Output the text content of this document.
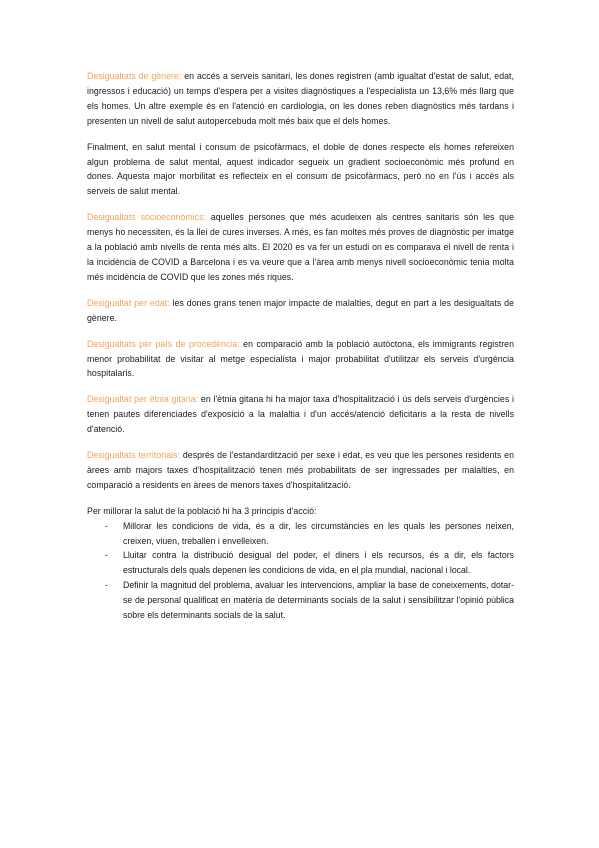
Desigualtats de gènere: en accés a serveis sanitari, les dones registren (amb igualtat d'estat de salut, edat, ingressos i educació) un temps d'espera per a visites diagnòstiques a l'especialista un 13,6% més llarg que els homes. Un altre exemple és en l'atenció en cardiologia, on les dones reben diagnòstics més tardans i presenten un nivell de salut autopercebuda molt més baix que el dels homes.

Finalment, en salut mental i consum de psicofàrmacs, el doble de dones respecte els homes refereixen algun problema de salut mental, aquest indicador segueix un gradient socioeconòmic més profund en dones. Aquesta major morbilitat es reflecteix en el consum de psicofàrmacs, però no en l'ús i accés als serveis de salut mental.

Desigualtats socioeconòmics: aquelles persones que més acudeixen als centres sanitaris són les que menys ho necessiten, és la llei de cures inverses. A més, es fan moltes més proves de diagnòstic per imatge a la població amb nivells de renta més alts. El 2020 es va fer un estudi on es comparava el nivell de renta i la incidència de COVID a Barcelona i es va veure que a l'àrea amb menys nivell socioeconòmic tenia molta més incidència de COVID que les zones més riques.

Desigualtat per edat: les dones grans tenen major impacte de malalties, degut en part a les desigualtats de gènere.

Desigualtats per país de procedència: en comparació amb la població autòctona, els immigrants registren menor probabilitat de visitar al metge especialista i major probabilitat d'utilitzar els serveis d'urgència hospitalaris.

Desigualtat per ètnia gitana: en l'ètnia gitana hi ha major taxa d'hospitalització i ús dels serveis d'urgències i tenen pautes diferenciades d'exposició a la malaltia i d'un accés/atenció deficitaris a la resta de nivells d'atenció.

Desigualtats territorials: després de l'estandardització per sexe i edat, es veu que les persones residents en àrees amb majors taxes d'hospitalització tenen més probabilitats de ser ingressades per malalties, en comparació a residents en àrees de menors taxes d'hospitalització.

Per millorar la salut de la població hi ha 3 principis d'acció:

-	Millorar les condicions de vida, és a dir, les circumstàncies en les quals les persones neixen, creixen, viuen, treballen i envelleixen.
-	Lluitar contra la distribució desigual del poder, el diners i els recursos, és a dir, els factors estructurals dels quals depenen les condicions de vida, en el pla mundial, nacional i local.
-	Definir la magnitud del problema, avaluar les intervencions, ampliar la base de coneixements, dotar-se de personal qualificat en matèria de determinants socials de la salut i sensibilitzar l'opinió pública sobre els determinants socials de la salut.
